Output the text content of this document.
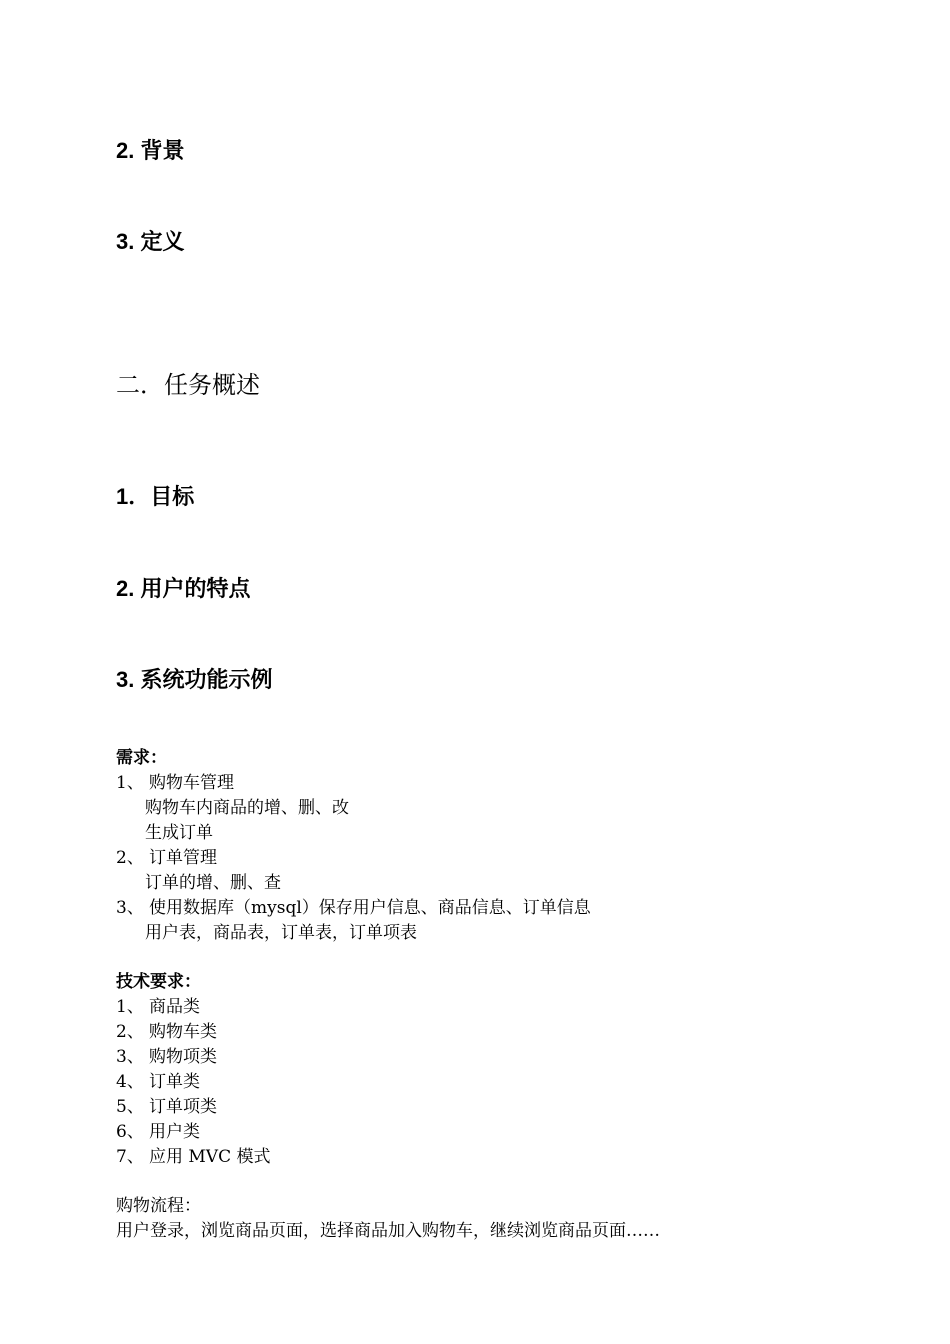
2. 背景
3. 定义
二．任务概述
1．目标
2. 用户的特点
3. 系统功能示例
需求：
1、 购物车管理
购物车内商品的增、删、改
生成订单
2、 订单管理
订单的增、删、查
3、 使用数据库（mysql）保存用户信息、商品信息、订单信息
用户表，商品表，订单表，订单项表
技术要求：
1、 商品类
2、 购物车类
3、 购物项类
4、 订单类
5、 订单项类
6、 用户类
7、 应用 MVC 模式
购物流程：
用户登录，浏览商品页面，选择商品加入购物车，继续浏览商品页面……
